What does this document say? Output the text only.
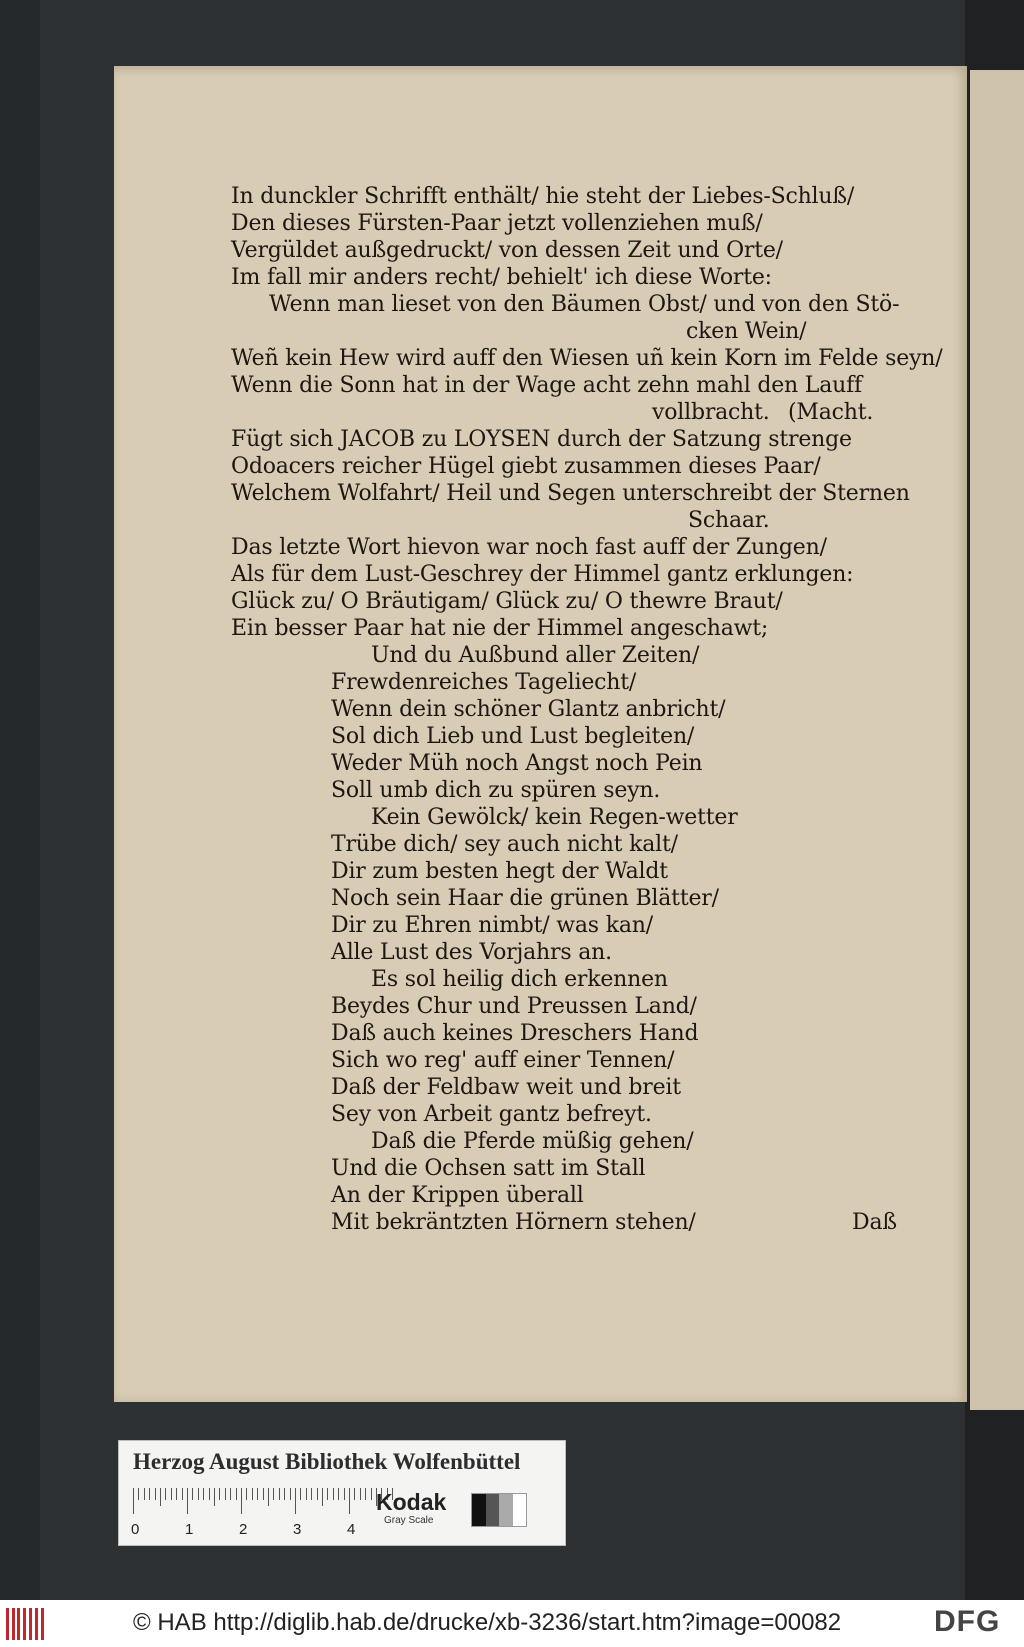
In dunckler Schrifft enthält/ hie steht der Liebes-Schluß/
Den dieses Fürsten-Paar jetzt vollenziehen muß/
Vergüldet außgedruckt/ von dessen Zeit und Orte/
Im fall mir anders recht/ behielt' ich diese Worte:
Wenn man lieset von den Bäumen Obst/ und von den Stö-
cken Wein/
Weñ kein Hew wird auff den Wiesen uñ kein Korn im Felde seyn/
Wenn die Sonn hat in der Wage acht zehn mahl den Lauff
vollbracht. (Macht.
Fügt sich JACOB zu LOYSEN durch der Satzung strenge
Odoacers reicher Hügel giebt zusammen dieses Paar/
Welchem Wolfahrt/ Heil und Segen unterschreibt der Sternen
Schaar.
Das letzte Wort hievon war noch fast auff der Zungen/
Als für dem Lust-Geschrey der Himmel gantz erklungen:
Glück zu/ O Bräutigam/ Glück zu/ O thewre Braut/
Ein besser Paar hat nie der Himmel angeschawt;
Und du Außbund aller Zeiten/
Frewdenreiches Tageliecht/
Wenn dein schöner Glantz anbricht/
Sol dich Lieb und Lust begleiten/
Weder Müh noch Angst noch Pein
Soll umb dich zu spüren seyn.
Kein Gewölck/ kein Regen-wetter
Trübe dich/ sey auch nicht kalt/
Dir zum besten hegt der Waldt
Noch sein Haar die grünen Blätter/
Dir zu Ehren nimbt/ was kan/
Alle Lust des Vorjahrs an.
Es sol heilig dich erkennen
Beydes Chur und Preussen Land/
Daß auch keines Dreschers Hand
Sich wo reg' auff einer Tennen/
Daß der Feldbaw weit und breit
Sey von Arbeit gantz befreyt.
Daß die Pferde müßig gehen/
Und die Ochsen satt im Stall
An der Krippen überall
Mit bekräntzten Hörnern stehen/	Daß
Herzog August Bibliothek Wolfenbüttel
0	1	2	3	4
Kodak
Gray Scale
© HAB http://diglib.hab.de/drucke/xb-3236/start.htm?image=00082	DFG
